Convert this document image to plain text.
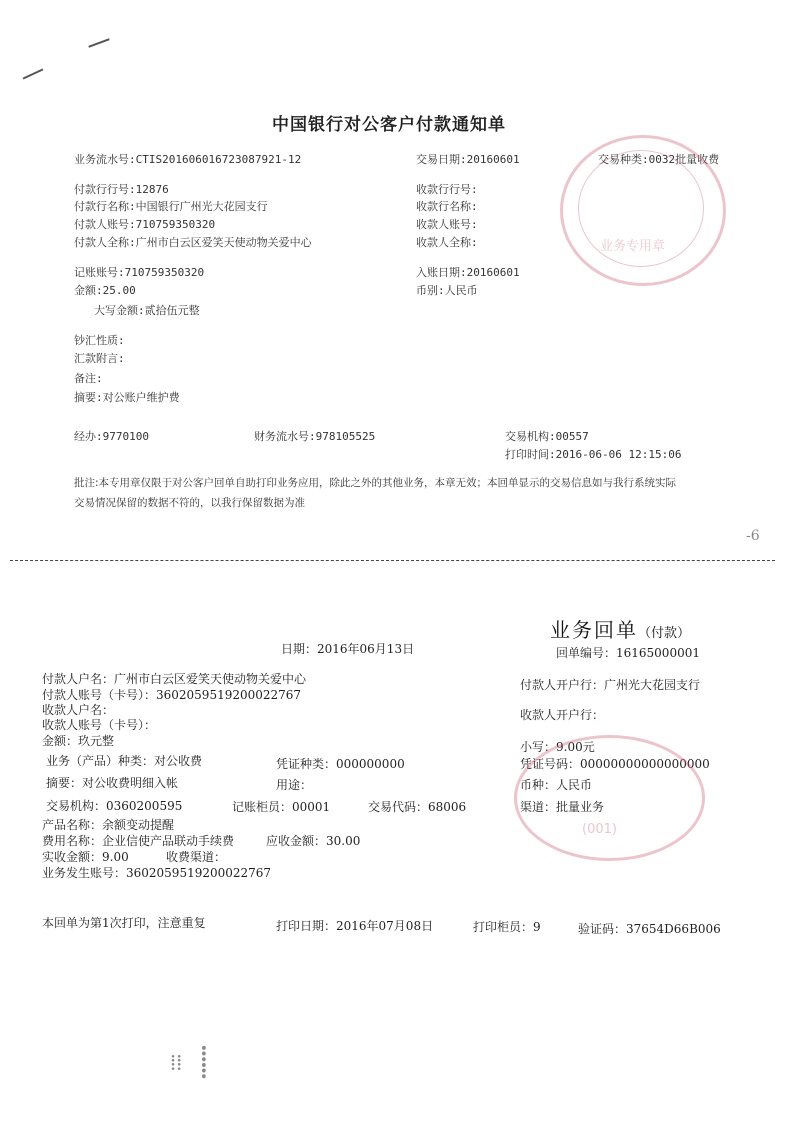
中国银行对公客户付款通知单
业务流水号:CTIS201606016723087921-12	交易日期:20160601	交易种类:0032批量收费
付款行行号:12876
付款行名称:中国银行广州光大花园支行
付款人账号:710759350320
付款人全称:广州市白云区爱笑天使动物关爱中心
收款行行号:
收款行名称:
收款人账号:
收款人全称:
记账账号:710759350320
金额:25.00
大写金额:贰拾伍元整
入账日期:20160601
币别:人民币
钞汇性质:
汇款附言:
备注:
摘要:对公账户维护费
经办:9770100	财务流水号:978105525	交易机构:00557
打印时间:2016-06-06 12:15:06
批注:本专用章仅限于对公客户回单自助打印业务应用，除此之外的其他业务，本章无效；本回单显示的交易信息如与我行系统实际
交易情况保留的数据不符的，以我行保留数据为准
业务专用章
-6
业务回单（付款）
日期：2016年06月13日	回单编号：16165000001
付款人户名：广州市白云区爱笑天使动物关爱中心
付款人账号（卡号）：3602059519200022767
收款人户名：
收款人账号（卡号）：
金额：玖元整
付款人开户行：广州光大花园支行
收款人开户行：
业务（产品）种类：对公收费	凭证种类：000000000
小写：9.00元
凭证号码：00000000000000000
摘要：对公收费明细入帐	用途：	币种：人民币
交易机构：0360200595	记账柜员：00001	交易代码：68006	渠道：批量业务
产品名称：余额变动提醒
费用名称：企业信使产品联动手续费	应收金额：30.00
实收金额：9.00	收费渠道：
业务发生账号：3602059519200022767
(001)
本回单为第1次打印，注意重复	打印日期：2016年07月08日	打印柜员：9	验证码：37654D66B006
⁞⁞ ⸽
